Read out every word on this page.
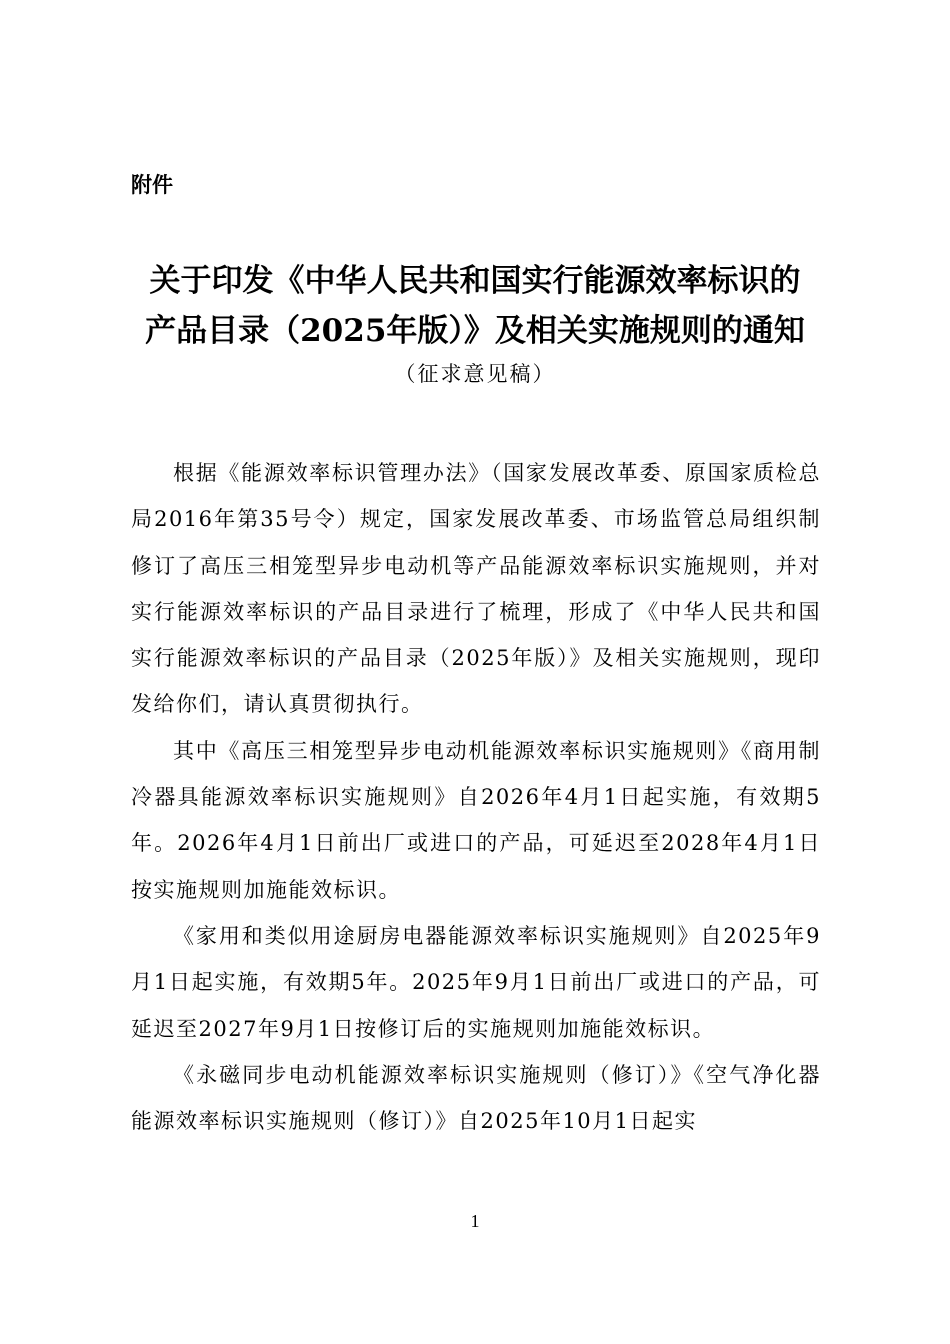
附件
关于印发《中华人民共和国实行能源效率标识的
产品目录（2025年版）》及相关实施规则的通知
（征求意见稿）

根据《能源效率标识管理办法》（国家发展改革委、原国家质检总局2016年第35号令）规定，国家发展改革委、市场监管总局组织制修订了高压三相笼型异步电动机等产品能源效率标识实施规则，并对实行能源效率标识的产品目录进行了梳理，形成了《中华人民共和国实行能源效率标识的产品目录（2025年版）》及相关实施规则，现印发给你们，请认真贯彻执行。

其中《高压三相笼型异步电动机能源效率标识实施规则》《商用制冷器具能源效率标识实施规则》自2026年4月1日起实施，有效期5年。2026年4月1日前出厂或进口的产品，可延迟至2028年4月1日按实施规则加施能效标识。

《家用和类似用途厨房电器能源效率标识实施规则》自2025年9月1日起实施，有效期5年。2025年9月1日前出厂或进口的产品，可延迟至2027年9月1日按修订后的实施规则加施能效标识。

《永磁同步电动机能源效率标识实施规则（修订）》《空气净化器能源效率标识实施规则（修订）》自2025年10月1日起实

1
